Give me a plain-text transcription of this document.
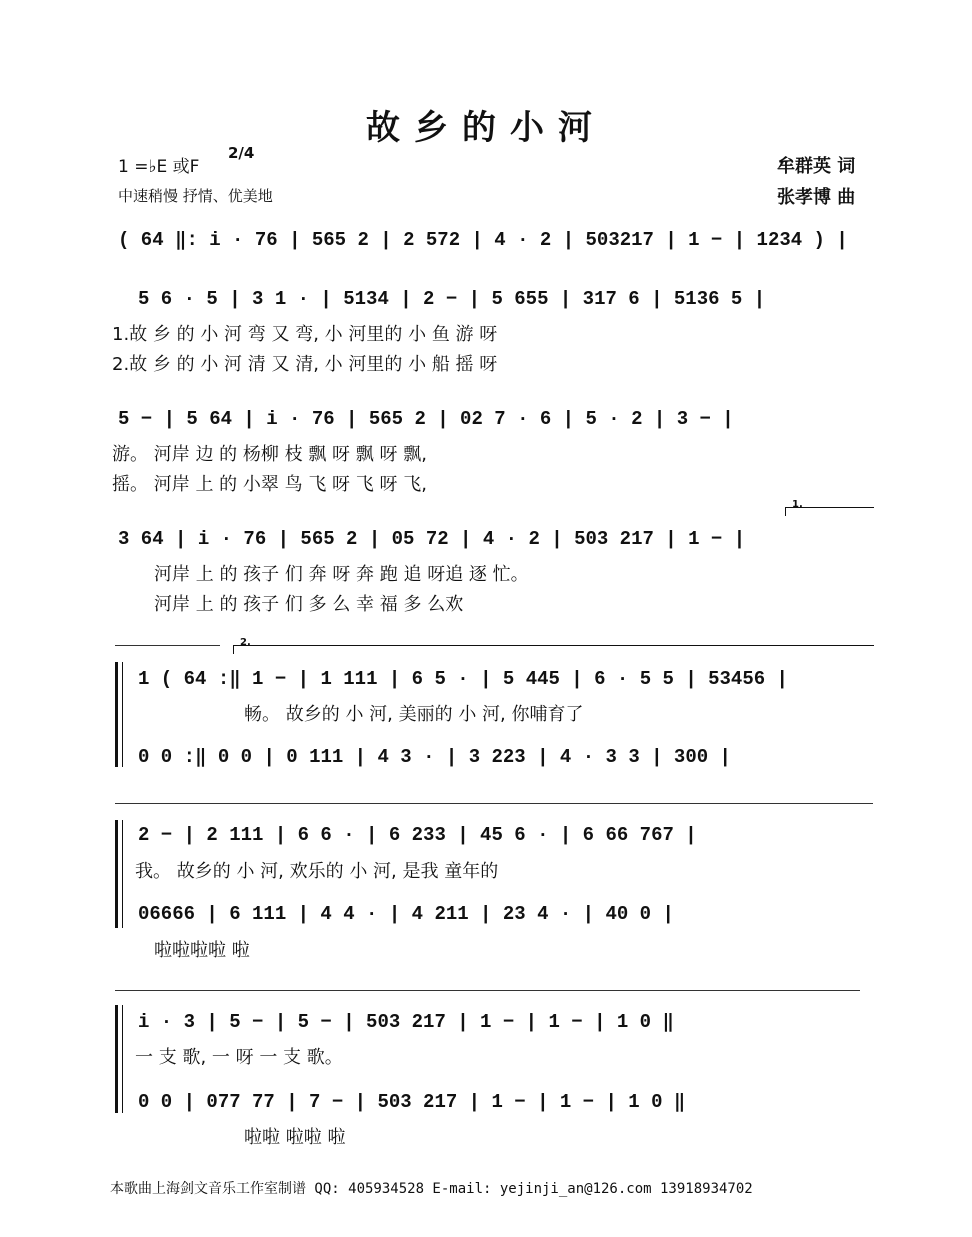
故乡的小河
1 =♭E 或F
2/4
中速稍慢 抒情、优美地
牟群英 词
张孝博 曲
( 64 ‖: i · 76 | 565 2 | 2 572 | 4 · 2 | 503217 | 1 − | 1234 ) |
5 6 · 5 | 3 1 · | 5134 | 2 − | 5 655 | 317 6 | 5136 5 |
1.故 乡 的 小 河 弯 又 弯, 小 河里的 小 鱼 游 呀
2.故 乡 的 小 河 清 又 清, 小 河里的 小 船 摇 呀
5 − | 5 64 | i · 76 | 565 2 | 02 7 · 6 | 5 · 2 | 3 − |
游。 河岸 边 的 杨柳 枝 飘 呀 飘 呀 飘,
摇。 河岸 上 的 小翠 鸟 飞 呀 飞 呀 飞,
1.
3 64 | i · 76 | 565 2 | 05 72 | 4 · 2 | 503 217 | 1 − |
河岸 上 的 孩子 们 奔 呀 奔 跑 追 呀追 逐 忙。
河岸 上 的 孩子 们 多 么 幸 福 多 么欢
2.
1 ( 64 :‖ 1 − | 1 111 | 6 5 · | 5 445 | 6 · 5 5 | 53456 |
畅。 故乡的 小 河, 美丽的 小 河, 你哺育了
0 0 :‖ 0 0 | 0 111 | 4 3 · | 3 223 | 4 · 3 3 | 300 |
2 − | 2 111 | 6 6 · | 6 233 | 45 6 · | 6 66 767 |
我。 故乡的 小 河, 欢乐的 小 河, 是我 童年的
06666 | 6 111 | 4 4 · | 4 211 | 23 4 · | 40 0 |
啦啦啦啦 啦
i · 3 | 5 − | 5 − | 503 217 | 1 − | 1 − | 1 0 ‖
一 支 歌, 一 呀 一 支 歌。
0 0 | 077 77 | 7 − | 503 217 | 1 − | 1 − | 1 0 ‖
啦啦 啦啦 啦
本歌曲上海剑文音乐工作室制谱 QQ: 405934528 E-mail: yejinji_an@126.com 13918934702
